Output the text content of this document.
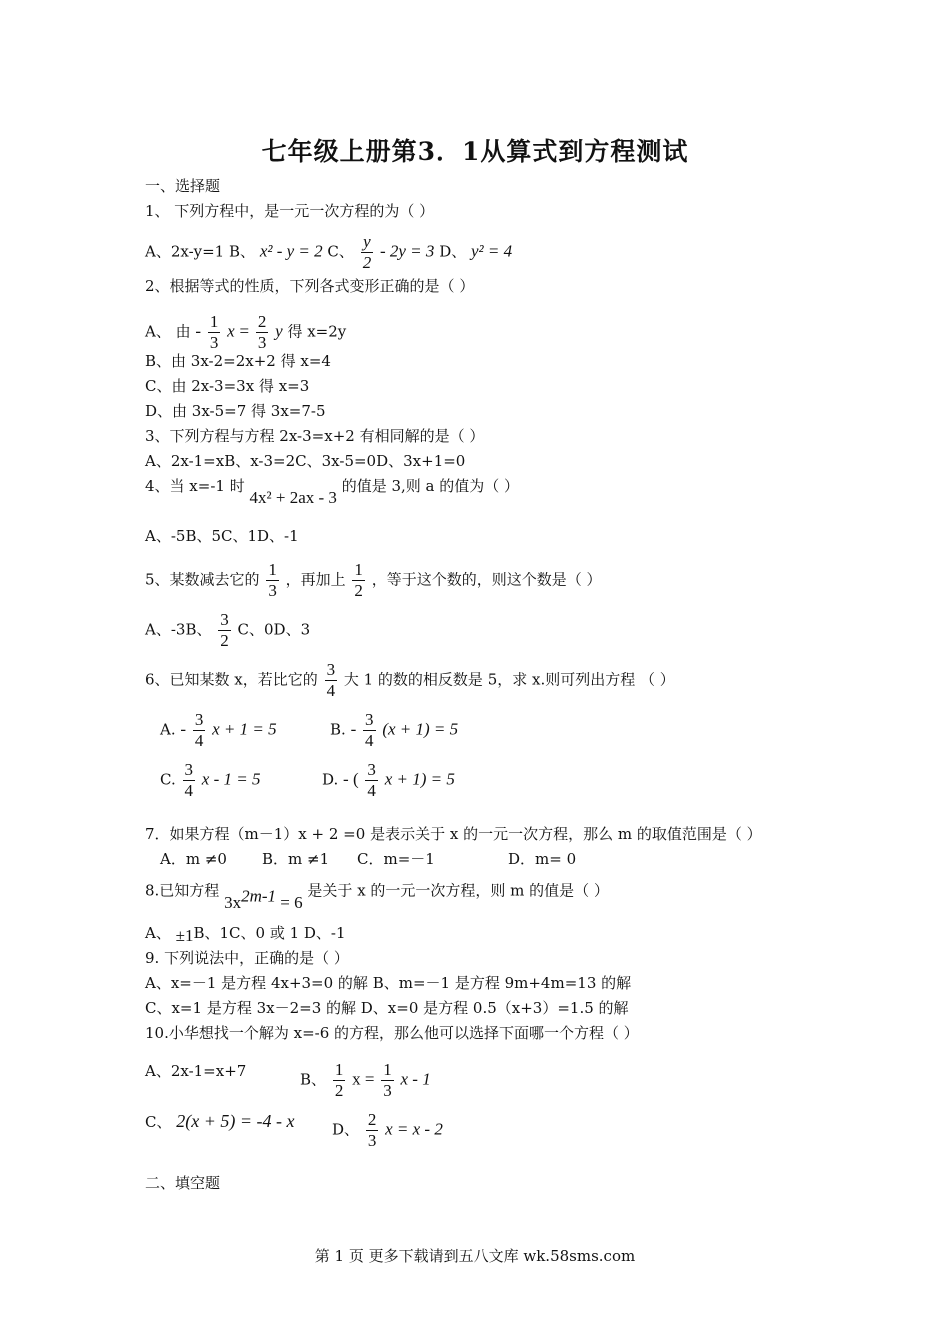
七年级上册第3．1从算式到方程测试
一、选择题
1、 下列方程中，是一元一次方程的为（ ）
A、2x-y=1 B、 x² - y = 2 C、 $\frac{y}{2} - 2y = 3$ D、 y² = 4
2、根据等式的性质，下列各式变形正确的是（ ）
A、 由 - $\frac{1}{3}$ $x = \frac{2}{3}$ y 得 x=2y
B、由 3x-2=2x+2 得 x=4
C、由 2x-3=3x 得 x=3
D、由 3x-5=7 得 3x=7-5
3、下列方程与方程 2x-3=x+2 有相同解的是（ ）
A、2x-1=xB、x-3=2C、3x-5=0D、3x+1=0
4、当 x=-1 时 4x² + 2ax - 3 的值是 3,则 a 的值为（ ）
A、-5B、5C、1D、-1
5、某数减去它的 $\frac{1}{3}$ ，再加上 $\frac{1}{2}$ ，等于这个数的，则这个数是（ ）
A、-3B、 $\frac{3}{2}$ C、0D、3
6、已知某数 x，若比它的 $\frac{3}{4}$ 大 1 的数的相反数是 5，求 x.则可列出方程 （ ）
A. - $\frac{3}{4}$ x + 1 = 5	B. - $\frac{3}{4} (x + 1) = 5$
C. $\frac{3}{4}$ x - 1 = 5	D. - ( $\frac{3}{4}$ x + 1) = 5
7．如果方程（m－1）x + 2 =0 是表示关于 x 的一元一次方程，那么 m 的取值范围是（ ）
A．m ≠0 B．m ≠1 C．m=－1	D．m= 0
8.已知方程 $3x^{2m-1} = 6$ 是关于 x 的一元一次方程，则 m 的值是（ ）
A、 ±1B、1C、0 或 1 D、-1
9. 下列说法中，正确的是（ ）
A、x=－1 是方程 4x+3=0 的解 B、m=－1 是方程 9m+4m=13 的解
C、x=1 是方程 3x－2=3 的解 D、x=0 是方程 0.5（x+3）=1.5 的解
10.小华想找一个解为 x=-6 的方程，那么他可以选择下面哪一个方程（ ）
A、2x-1=x+7	B、 $\frac{1}{2}$ $x = \frac{1}{3}$ x - 1
C、 2(x + 5) = -4 - x D、 $\frac{2}{3}$ x = x - 2
二、填空题
第 1 页 更多下载请到五八文库 wk.58sms.com
